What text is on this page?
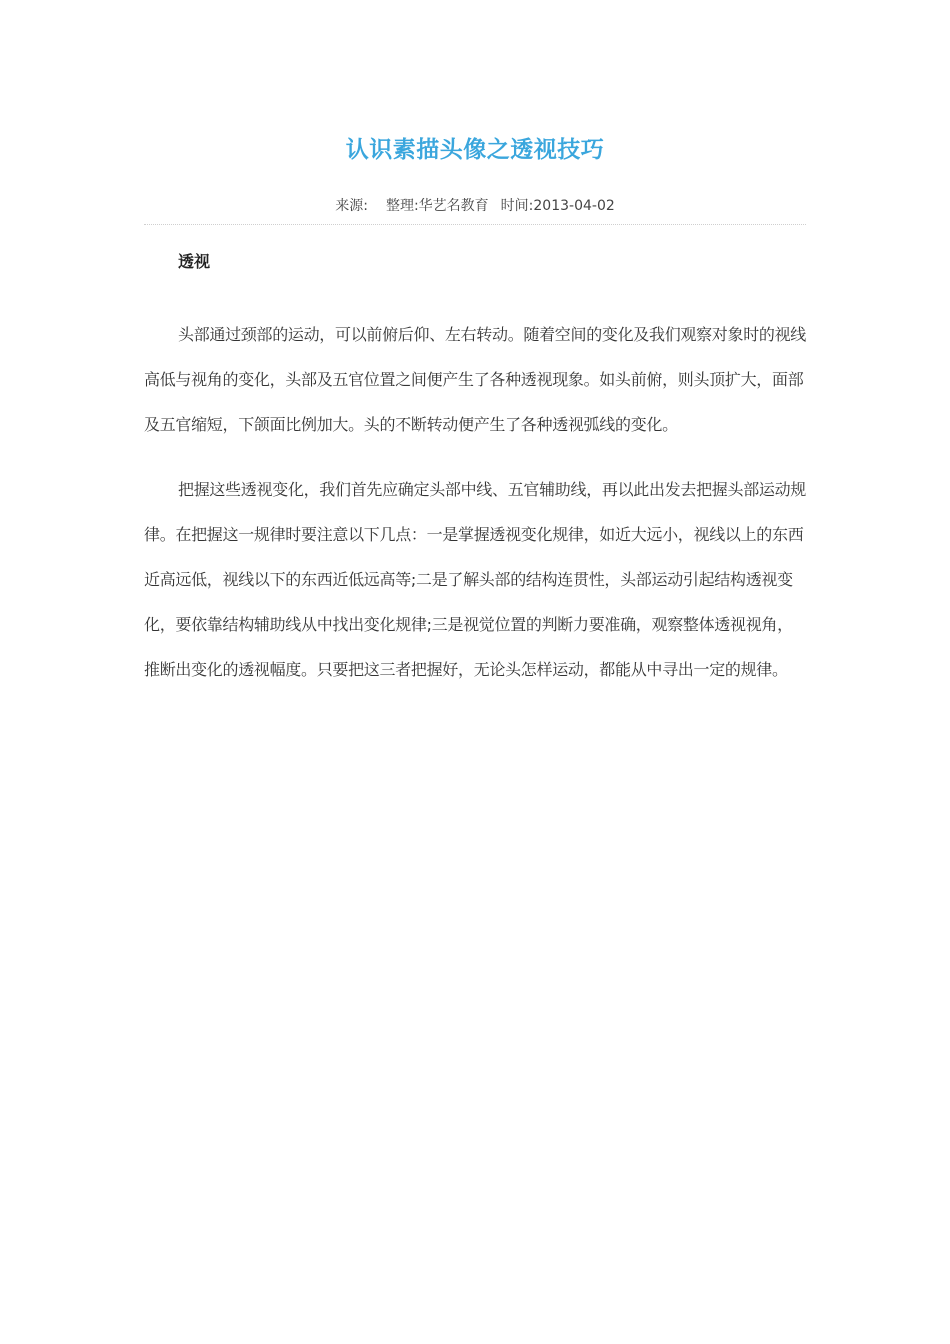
认识素描头像之透视技巧
来源: 整理:华艺名教育 时间:2013-04-02
透视

头部通过颈部的运动，可以前俯后仰、左右转动。随着空间的变化及我们观察对象时的视线高低与视角的变化，头部及五官位置之间便产生了各种透视现象。如头前俯，则头顶扩大，面部及五官缩短，下颌面比例加大。头的不断转动便产生了各种透视弧线的变化。

把握这些透视变化，我们首先应确定头部中线、五官辅助线，再以此出发去把握头部运动规律。在把握这一规律时要注意以下几点：一是掌握透视变化规律，如近大远小，视线以上的东西近高远低，视线以下的东西近低远高等;二是了解头部的结构连贯性，头部运动引起结构透视变化，要依靠结构辅助线从中找出变化规律;三是视觉位置的判断力要准确，观察整体透视视角，推断出变化的透视幅度。只要把这三者把握好，无论头怎样运动，都能从中寻出一定的规律。
